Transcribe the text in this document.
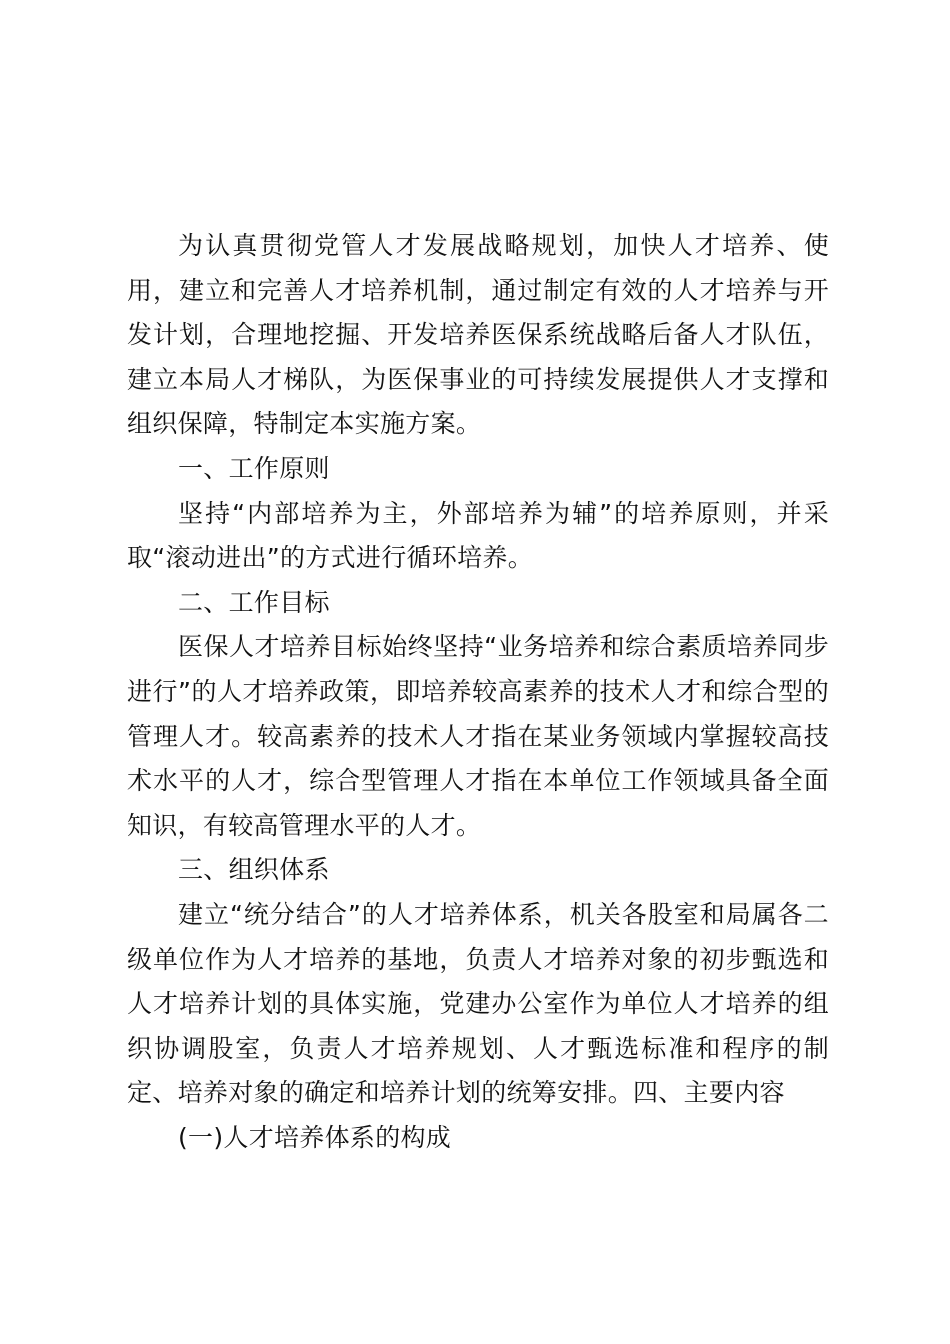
为认真贯彻党管人才发展战略规划，加快人才培养、使用，建立和完善人才培养机制，通过制定有效的人才培养与开发计划，合理地挖掘、开发培养医保系统战略后备人才队伍，建立本局人才梯队，为医保事业的可持续发展提供人才支撑和组织保障，特制定本实施方案。

一、工作原则

坚持“内部培养为主，外部培养为辅”的培养原则，并采取“滚动进出”的方式进行循环培养。

二、工作目标

医保人才培养目标始终坚持“业务培养和综合素质培养同步进行”的人才培养政策，即培养较高素养的技术人才和综合型的管理人才。较高素养的技术人才指在某业务领域内掌握较高技术水平的人才，综合型管理人才指在本单位工作领域具备全面知识，有较高管理水平的人才。

三、组织体系

建立“统分结合”的人才培养体系，机关各股室和局属各二级单位作为人才培养的基地，负责人才培养对象的初步甄选和人才培养计划的具体实施，党建办公室作为单位人才培养的组织协调股室，负责人才培养规划、人才甄选标准和程序的制定、培养对象的确定和培养计划的统筹安排。四、主要内容

(一)人才培养体系的构成
